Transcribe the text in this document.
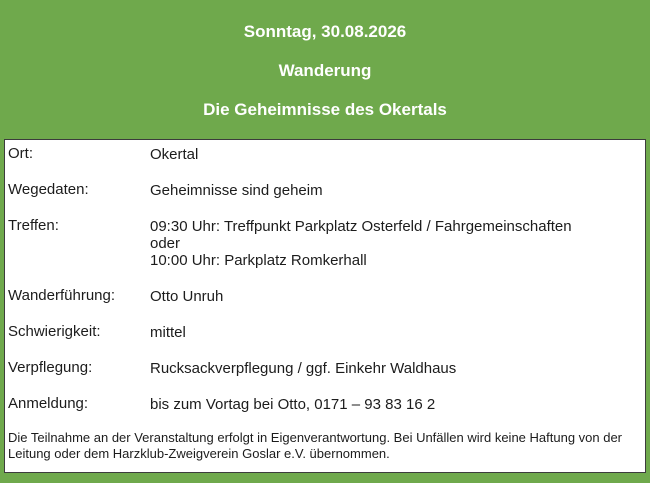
Sonntag, 30.08.2026
Wanderung
Die Geheimnisse des Okertals
Ort:	Okertal
Wegedaten:	Geheimnisse sind geheim
Treffen:	09:30 Uhr: Treffpunkt Parkplatz Osterfeld / Fahrgemeinschaften
oder
10:00 Uhr: Parkplatz Romkerhall
Wanderführung:	Otto Unruh
Schwierigkeit:	mittel
Verpflegung:	Rucksackverpflegung / ggf. Einkehr Waldhaus
Anmeldung:	bis zum Vortag bei Otto, 0171 – 93 83 16 2
Die Teilnahme an der Veranstaltung erfolgt in Eigenverantwortung. Bei Unfällen wird keine Haftung von der Leitung oder dem Harzklub-Zweigverein Goslar e.V. übernommen.
